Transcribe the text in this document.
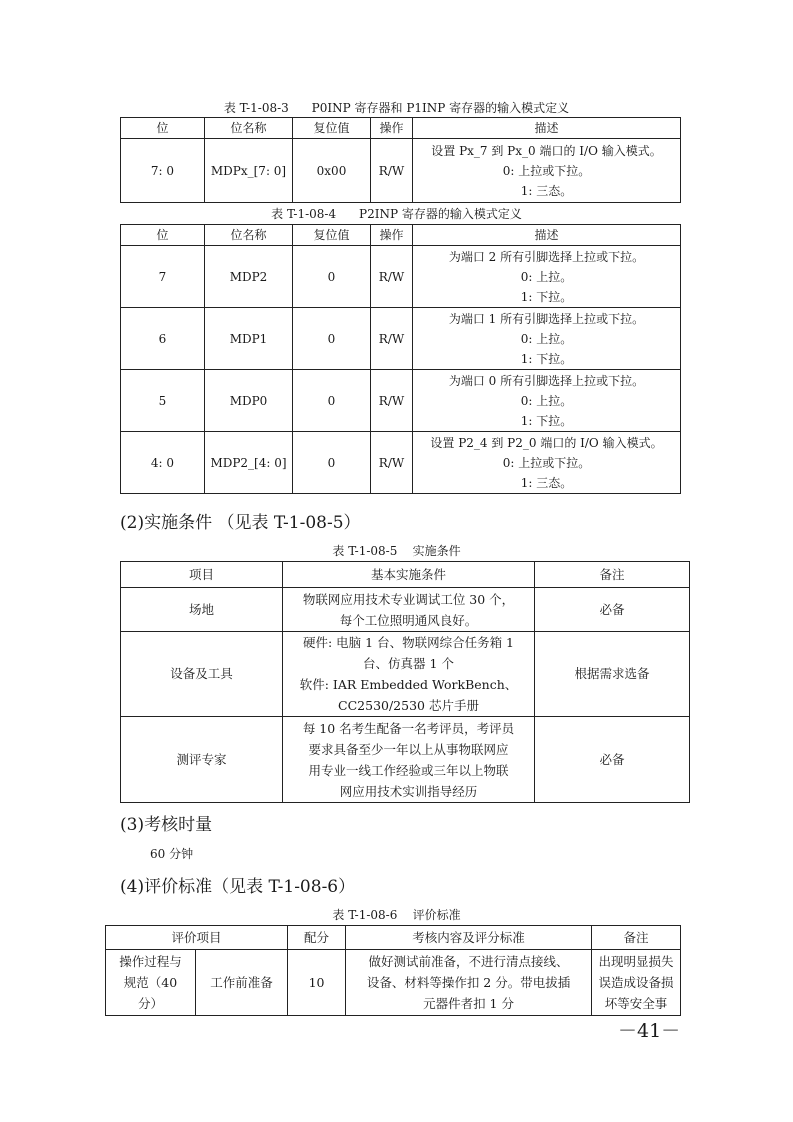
表 T-1-08-3      P0INP 寄存器和 P1INP 寄存器的输入模式定义
位	位名称	复位值	操作	描述
7: 0	MDPx_[7: 0]	0x00	R/W	设置 Px_7 到 Px_0 端口的 I/O 输入模式。
0: 上拉或下拉。
1: 三态。
表 T-1-08-4      P2INP 寄存器的输入模式定义
位	位名称	复位值	操作	描述
7	MDP2	0	R/W	为端口 2 所有引脚选择上拉或下拉。
0: 上拉。
1: 下拉。

6	MDP1	0	R/W	为端口 1 所有引脚选择上拉或下拉。
0: 上拉。
1: 下拉。

5	MDP0	0	R/W	为端口 0 所有引脚选择上拉或下拉。
0: 上拉。
1: 下拉。

4: 0	MDP2_[4: 0]	0	R/W	设置 P2_4 到 P2_0 端口的 I/O 输入模式。
0: 上拉或下拉。
1: 三态。
(2)实施条件 （见表 T-1-08-5）
表 T-1-08-5    实施条件
项目	基本实施条件	备注
场地	物联网应用技术专业调试工位 30 个，
每个工位照明通风良好。	必备
设备及工具	硬件: 电脑 1 台、物联网综合任务箱 1
台、仿真器 1 个
软件: IAR Embedded WorkBench、
CC2530/2530 芯片手册	根据需求选备
测评专家	每 10 名考生配备一名考评员，考评员
要求具备至少一年以上从事物联网应
用专业一线工作经验或三年以上物联
网应用技术实训指导经历	必备
(3)考核时量
60 分钟
(4)评价标准（见表 T-1-08-6）
表 T-1-08-6    评价标准
评价项目		配分	考核内容及评分标准	备注

操作过程与
规范（40
分）	工作前准备	10	做好测试前准备，不进行清点接线、
设备、材料等操作扣 2 分。带电拔插
元器件者扣 1 分	出现明显损失
误造成设备损
坏等安全事
－41－
